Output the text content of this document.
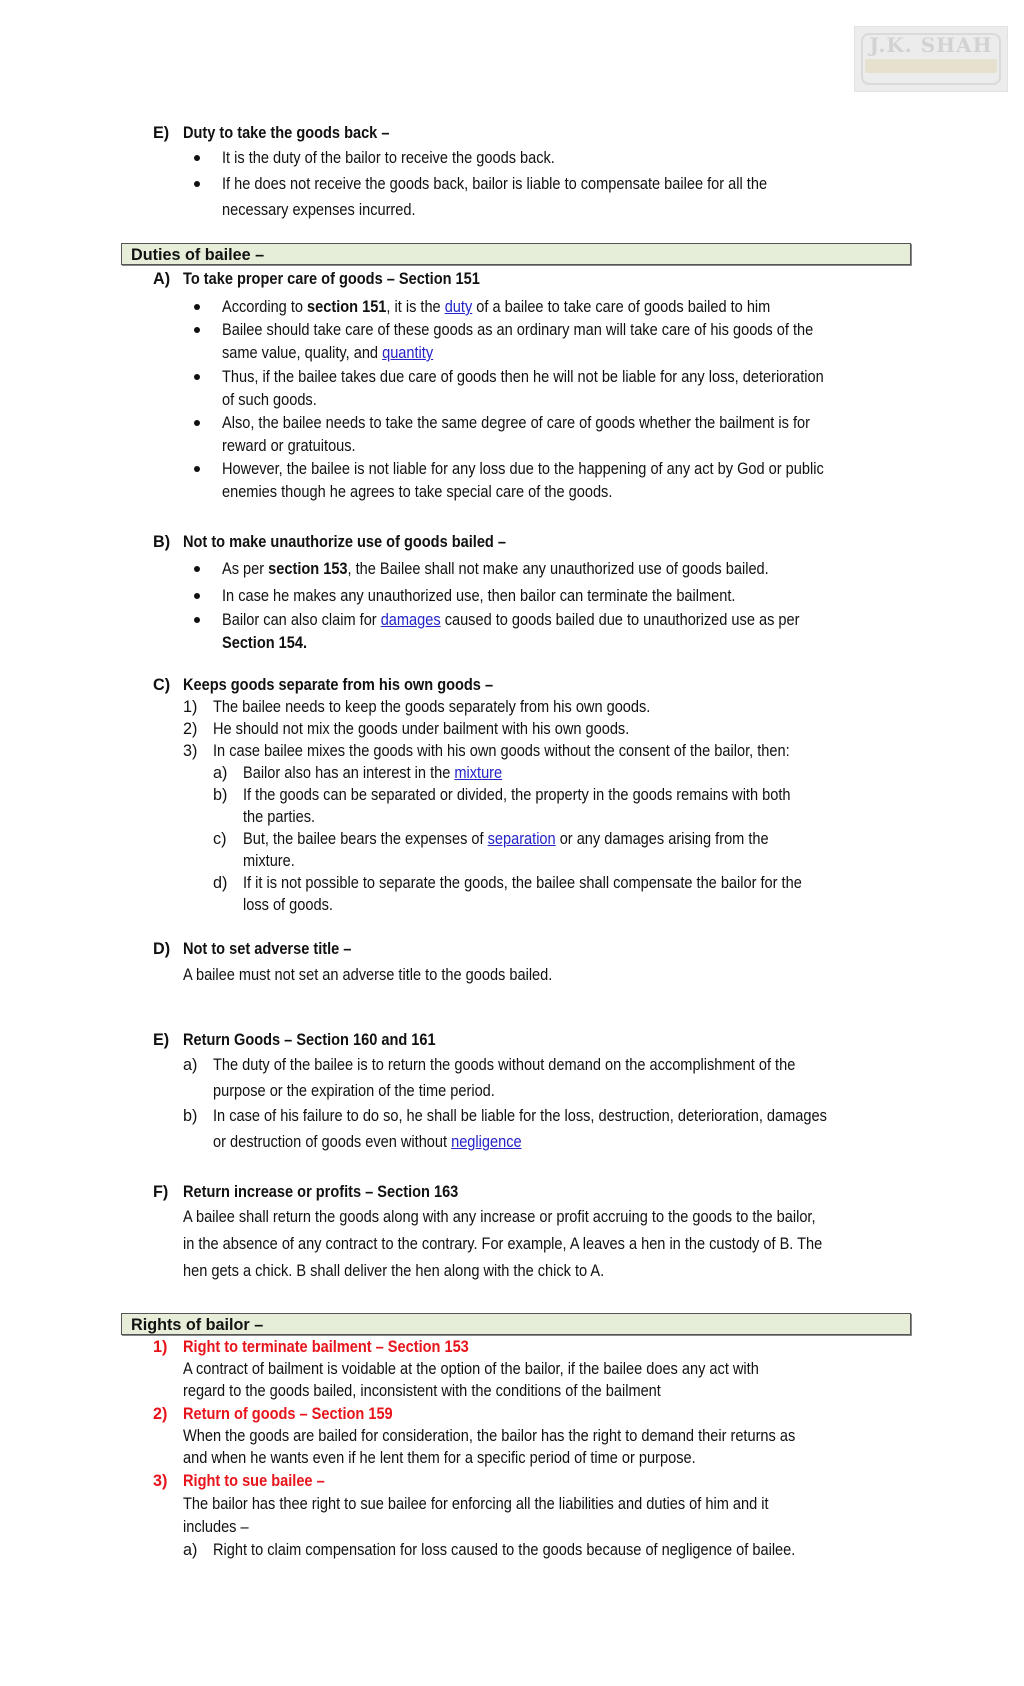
J.K. SHAH
E) Duty to take the goods back –
It is the duty of the bailor to receive the goods back.
If he does not receive the goods back, bailor is liable to compensate bailee for all the
necessary expenses incurred.
Duties of bailee –
A) To take proper care of goods – Section 151
According to section 151, it is the duty of a bailee to take care of goods bailed to him
Bailee should take care of these goods as an ordinary man will take care of his goods of the
same value, quality, and quantity
Thus, if the bailee takes due care of goods then he will not be liable for any loss, deterioration
of such goods.
Also, the bailee needs to take the same degree of care of goods whether the bailment is for
reward or gratuitous.
However, the bailee is not liable for any loss due to the happening of any act by God or public
enemies though he agrees to take special care of the goods.
B) Not to make unauthorize use of goods bailed –
As per section 153, the Bailee shall not make any unauthorized use of goods bailed.
In case he makes any unauthorized use, then bailor can terminate the bailment.
Bailor can also claim for damages caused to goods bailed due to unauthorized use as per
Section 154.
C) Keeps goods separate from his own goods –
1) The bailee needs to keep the goods separately from his own goods.
2) He should not mix the goods under bailment with his own goods.
3) In case bailee mixes the goods with his own goods without the consent of the bailor, then:
a) Bailor also has an interest in the mixture
b) If the goods can be separated or divided, the property in the goods remains with both
the parties.
c) But, the bailee bears the expenses of separation or any damages arising from the
mixture.
d) If it is not possible to separate the goods, the bailee shall compensate the bailor for the
loss of goods.
D) Not to set adverse title –
A bailee must not set an adverse title to the goods bailed.
E) Return Goods – Section 160 and 161
a) The duty of the bailee is to return the goods without demand on the accomplishment of the
purpose or the expiration of the time period.
b) In case of his failure to do so, he shall be liable for the loss, destruction, deterioration, damages
or destruction of goods even without negligence
F) Return increase or profits – Section 163
A bailee shall return the goods along with any increase or profit accruing to the goods to the bailor,
in the absence of any contract to the contrary. For example, A leaves a hen in the custody of B. The
hen gets a chick. B shall deliver the hen along with the chick to A.
Rights of bailor –
1) Right to terminate bailment – Section 153
A contract of bailment is voidable at the option of the bailor, if the bailee does any act with
regard to the goods bailed, inconsistent with the conditions of the bailment
2) Return of goods – Section 159
When the goods are bailed for consideration, the bailor has the right to demand their returns as
and when he wants even if he lent them for a specific period of time or purpose.
3) Right to sue bailee –
The bailor has thee right to sue bailee for enforcing all the liabilities and duties of him and it
includes –
a) Right to claim compensation for loss caused to the goods because of negligence of bailee.
